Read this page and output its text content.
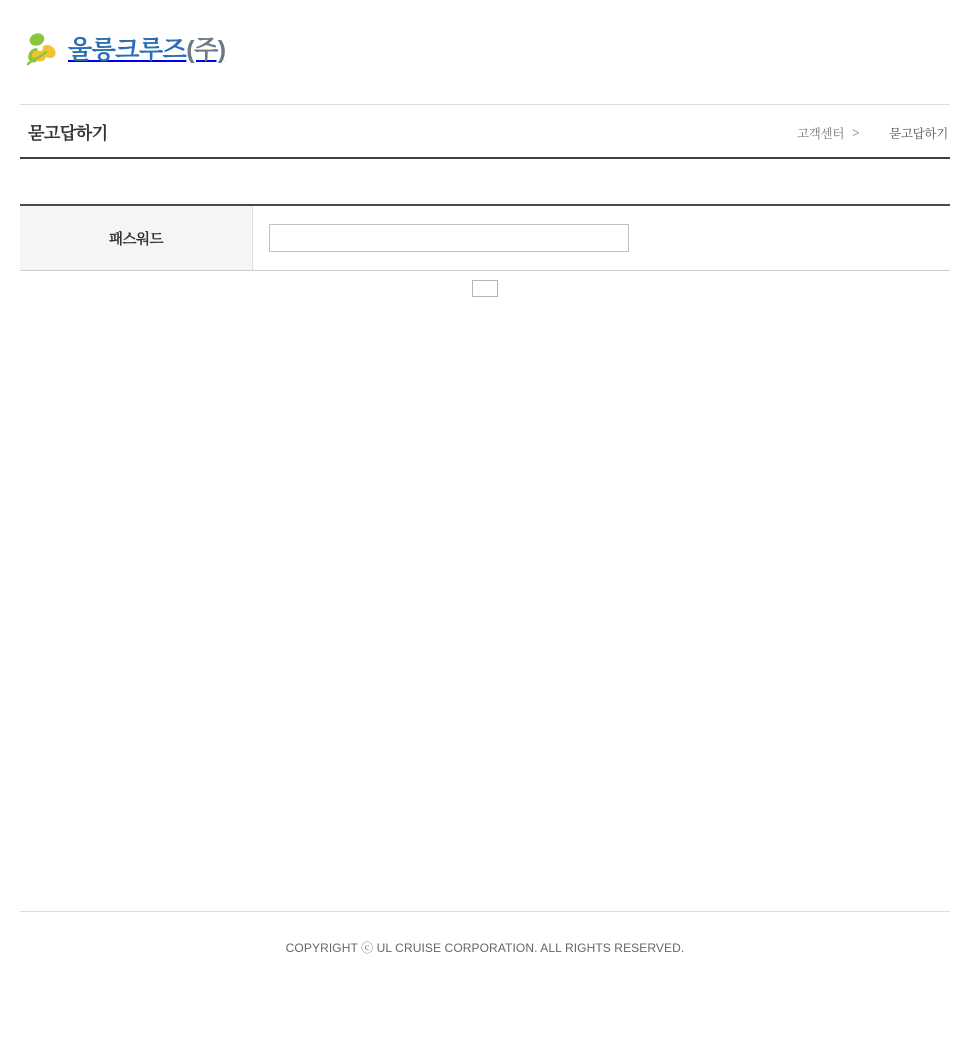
울릉크루즈(주)
묻고답하기	고객센터 >	묻고답하기
패스워드	
COPYRIGHT ⓒ UL CRUISE CORPORATION. ALL RIGHTS RESERVED.
